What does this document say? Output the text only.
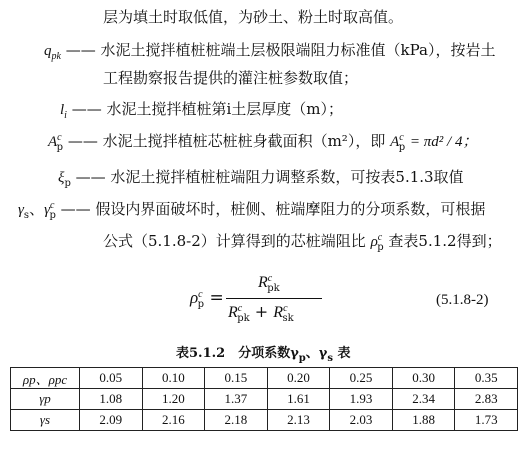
层为填土时取低值，为砂土、粉土时取高值。
$q_{pk}$ —— 水泥土搅拌植桩桩端土层极限端阻力标准值（kPa），按岩土
工程勘察报告提供的灌注桩参数取值；
$l_i$ —— 水泥土搅拌植桩第i土层厚度（m）；
$A^c_p$ —— 水泥土搅拌植桩芯桩桩身截面积（m²），即 $A^c_p = \pi d^2 / 4$；
$\xi_p$ —— 水泥土搅拌植桩桩端阻力调整系数，可按表5.1.3取值
$\gamma_s$、$\gamma^c_p$ —— 假设内界面破坏时，桩侧、桩端摩阻力的分项系数，可根据
公式（5.1.8-2）计算得到的芯桩端阻比 $\rho^c_p$ 查表5.1.2得到；
$\rho^c_p$ =
$R^c_{pk}$
$R^c_{pk} + R^c_{sk}$
(5.1.8-2)
表5.1.2　分项系数$\gamma_p$、$\gamma_s$ 表
ρp、ρpc	0.05	0.10	0.15	0.20	0.25	0.30	0.35
γp	1.08	1.20	1.37	1.61	1.93	2.34	2.83
γs	2.09	2.16	2.18	2.13	2.03	1.88	1.73
